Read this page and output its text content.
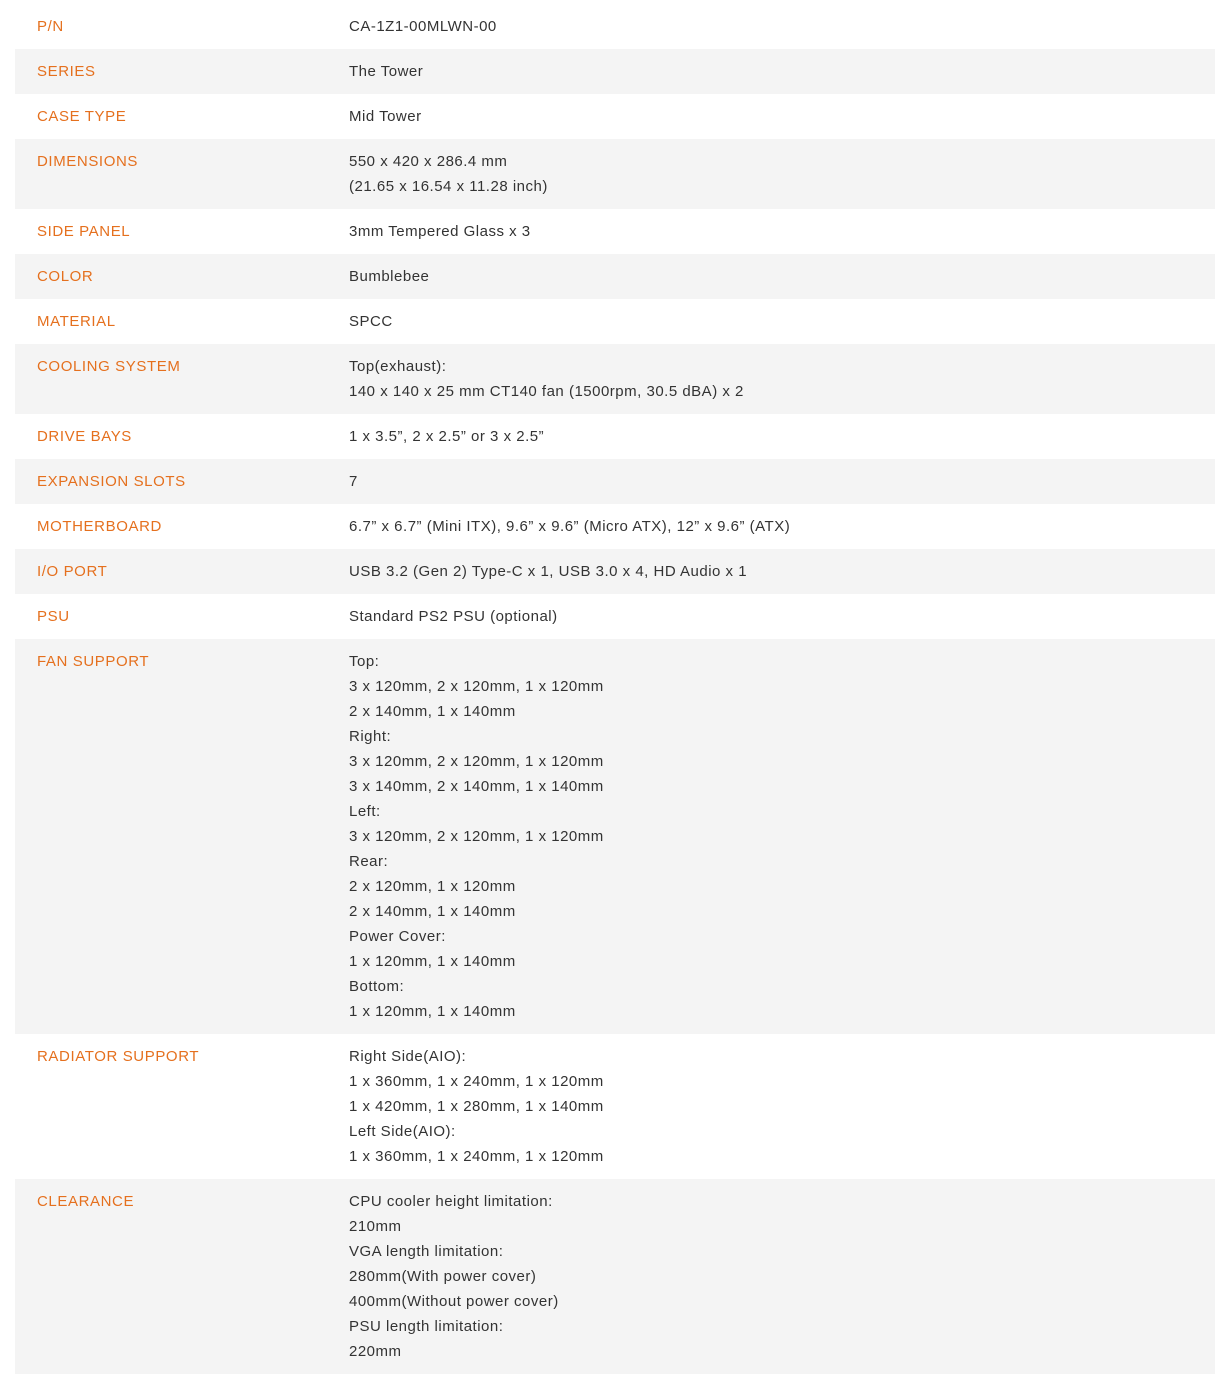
P/N	CA-1Z1-00MLWN-00
SERIES	The Tower
CASE TYPE	Mid Tower
DIMENSIONS	550 x 420 x 286.4 mm
(21.65 x 16.54 x 11.28 inch)
SIDE PANEL	3mm Tempered Glass x 3
COLOR	Bumblebee
MATERIAL	SPCC
COOLING SYSTEM	Top(exhaust):
140 x 140 x 25 mm CT140 fan (1500rpm, 30.5 dBA) x 2
DRIVE BAYS	1 x 3.5”, 2 x 2.5” or 3 x 2.5”
EXPANSION SLOTS	7
MOTHERBOARD	6.7” x 6.7” (Mini ITX), 9.6” x 9.6” (Micro ATX), 12” x 9.6” (ATX)
I/O PORT	USB 3.2 (Gen 2) Type-C x 1, USB 3.0 x 4, HD Audio x 1
PSU	Standard PS2 PSU (optional)
FAN SUPPORT	Top:
3 x 120mm, 2 x 120mm, 1 x 120mm
2 x 140mm, 1 x 140mm
Right:
3 x 120mm, 2 x 120mm, 1 x 120mm
3 x 140mm, 2 x 140mm, 1 x 140mm
Left:
3 x 120mm, 2 x 120mm, 1 x 120mm
Rear:
2 x 120mm, 1 x 120mm
2 x 140mm, 1 x 140mm
Power Cover:
1 x 120mm, 1 x 140mm
Bottom:
1 x 120mm, 1 x 140mm
RADIATOR SUPPORT	Right Side(AIO):
1 x 360mm, 1 x 240mm, 1 x 120mm
1 x 420mm, 1 x 280mm, 1 x 140mm
Left Side(AIO):
1 x 360mm, 1 x 240mm, 1 x 120mm
CLEARANCE	CPU cooler height limitation:
210mm
VGA length limitation:
280mm(With power cover)
400mm(Without power cover)
PSU length limitation:
220mm
